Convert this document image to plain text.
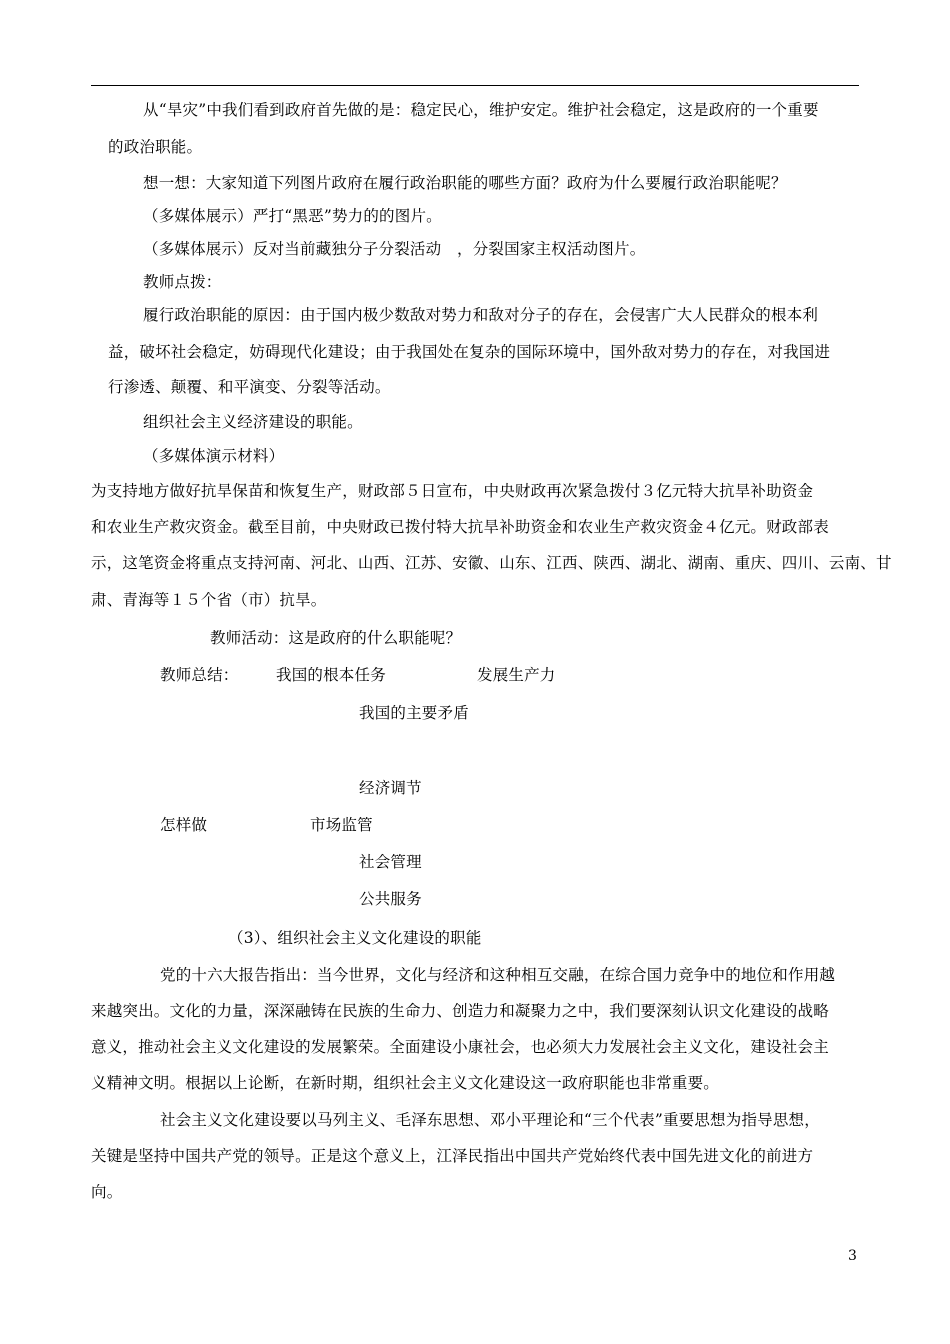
从“旱灾”中我们看到政府首先做的是：稳定民心，维护安定。维护社会稳定，这是政府的一个重要
的政治职能。
想一想：大家知道下列图片政府在履行政治职能的哪些方面？政府为什么要履行政治职能呢？
（多媒体展示）严打“黑恶”势力的的图片。
（多媒体展示）反对当前藏独分子分裂活动　，分裂国家主权活动图片。
教师点拨：
履行政治职能的原因：由于国内极少数敌对势力和敌对分子的存在，会侵害广大人民群众的根本利
益，破坏社会稳定，妨碍现代化建设；由于我国处在复杂的国际环境中，国外敌对势力的存在，对我国进
行渗透、颠覆、和平演变、分裂等活动。
组织社会主义经济建设的职能。
（多媒体演示材料）
为支持地方做好抗旱保苗和恢复生产，财政部５日宣布，中央财政再次紧急拨付３亿元特大抗旱补助资金
和农业生产救灾资金。截至目前，中央财政已拨付特大抗旱补助资金和农业生产救灾资金４亿元。财政部表
示，这笔资金将重点支持河南、河北、山西、江苏、安徽、山东、江西、陕西、湖北、湖南、重庆、四川、云南、甘
肃、青海等１５个省（市）抗旱。
教师活动：这是政府的什么职能呢？
教师总结： 我国的根本任务	发展生产力
我国的主要矛盾
经济调节
怎样做	市场监管
社会管理
公共服务
（3）、组织社会主义文化建设的职能
党的十六大报告指出：当今世界，文化与经济和这种相互交融，在综合国力竞争中的地位和作用越
来越突出。文化的力量，深深融铸在民族的生命力、创造力和凝聚力之中，我们要深刻认识文化建设的战略
意义，推动社会主义文化建设的发展繁荣。全面建设小康社会，也必须大力发展社会主义文化，建设社会主
义精神文明。根据以上论断，在新时期，组织社会主义文化建设这一政府职能也非常重要。
社会主义文化建设要以马列主义、毛泽东思想、邓小平理论和“三个代表”重要思想为指导思想，
关键是坚持中国共产党的领导。正是这个意义上，江泽民指出中国共产党始终代表中国先进文化的前进方
向。
3
